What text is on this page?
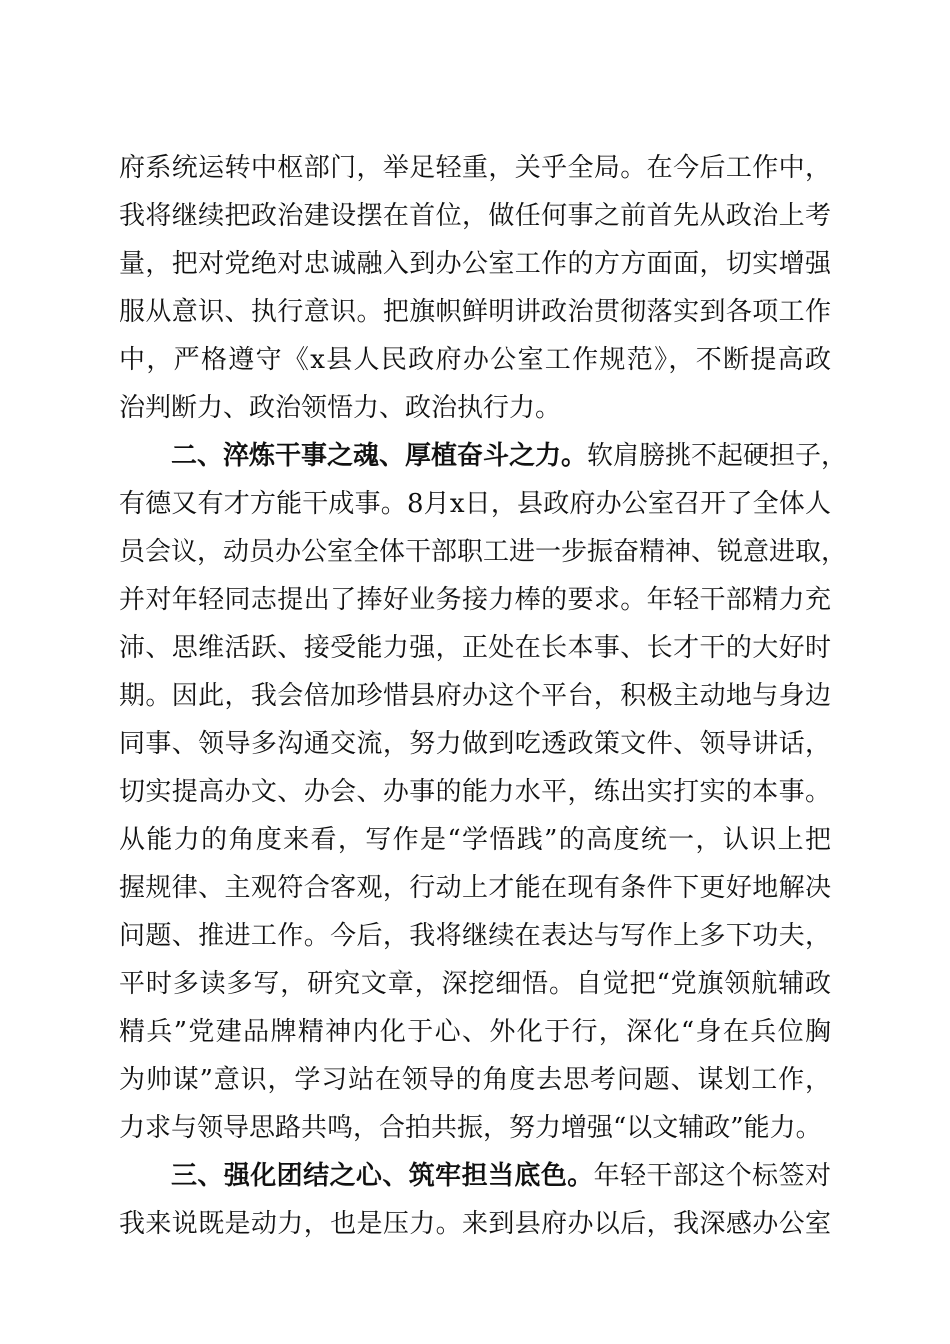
府系统运转中枢部门，举足轻重，关乎全局。在今后工作中，
我将继续把政治建设摆在首位，做任何事之前首先从政治上考
量，把对党绝对忠诚融入到办公室工作的方方面面，切实增强
服从意识、执行意识。把旗帜鲜明讲政治贯彻落实到各项工作
中，严格遵守《x县人民政府办公室工作规范》，不断提高政
治判断力、政治领悟力、政治执行力。
二、淬炼干事之魂、厚植奋斗之力。软肩膀挑不起硬担子，
有德又有才方能干成事。8月x日，县政府办公室召开了全体人
员会议，动员办公室全体干部职工进一步振奋精神、锐意进取，
并对年轻同志提出了捧好业务接力棒的要求。年轻干部精力充
沛、思维活跃、接受能力强，正处在长本事、长才干的大好时
期。因此，我会倍加珍惜县府办这个平台，积极主动地与身边
同事、领导多沟通交流，努力做到吃透政策文件、领导讲话，
切实提高办文、办会、办事的能力水平，练出实打实的本事。
从能力的角度来看，写作是“学悟践”的高度统一，认识上把
握规律、主观符合客观，行动上才能在现有条件下更好地解决
问题、推进工作。今后，我将继续在表达与写作上多下功夫，
平时多读多写，研究文章，深挖细悟。自觉把“党旗领航辅政
精兵”党建品牌精神内化于心、外化于行，深化“身在兵位胸
为帅谋”意识，学习站在领导的角度去思考问题、谋划工作，
力求与领导思路共鸣，合拍共振，努力增强“以文辅政”能力。
三、强化团结之心、筑牢担当底色。年轻干部这个标签对
我来说既是动力，也是压力。来到县府办以后，我深感办公室
